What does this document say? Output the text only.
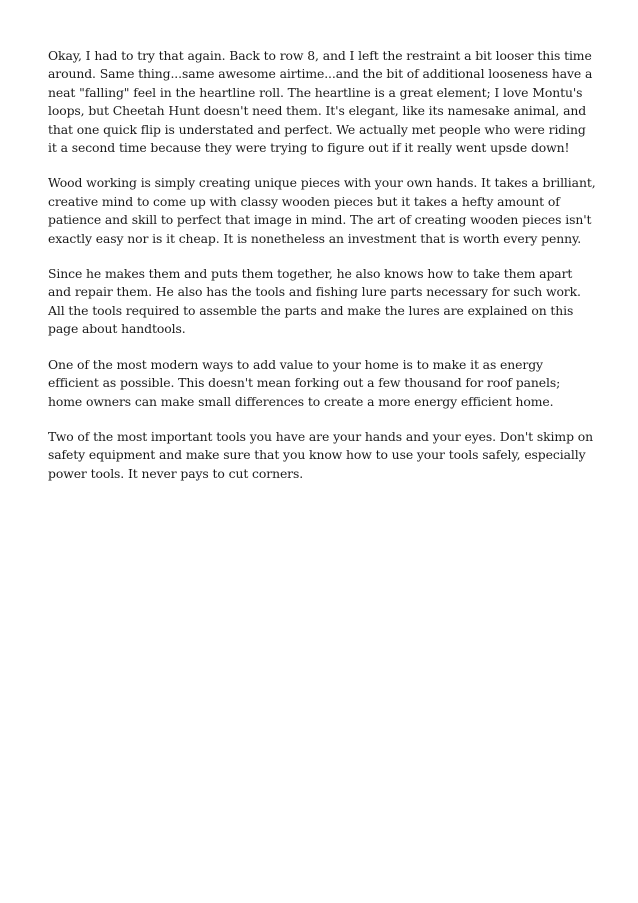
Okay, I had to try that again. Back to row 8, and I left the restraint a bit looser this time around. Same thing...same awesome airtime...and the bit of additional looseness have a neat "falling" feel in the heartline roll. The heartline is a great element; I love Montu's loops, but Cheetah Hunt doesn't need them. It's elegant, like its namesake animal, and that one quick flip is understated and perfect. We actually met people who were riding it a second time because they were trying to figure out if it really went upsde down!

Wood working is simply creating unique pieces with your own hands. It takes a brilliant, creative mind to come up with classy wooden pieces but it takes a hefty amount of patience and skill to perfect that image in mind. The art of creating wooden pieces isn't exactly easy nor is it cheap. It is nonetheless an investment that is worth every penny.

Since he makes them and puts them together, he also knows how to take them apart and repair them. He also has the tools and fishing lure parts necessary for such work. All the tools required to assemble the parts and make the lures are explained on this page about handtools.

One of the most modern ways to add value to your home is to make it as energy efficient as possible. This doesn't mean forking out a few thousand for roof panels; home owners can make small differences to create a more energy efficient home.

Two of the most important tools you have are your hands and your eyes. Don't skimp on safety equipment and make sure that you know how to use your tools safely, especially power tools. It never pays to cut corners.
